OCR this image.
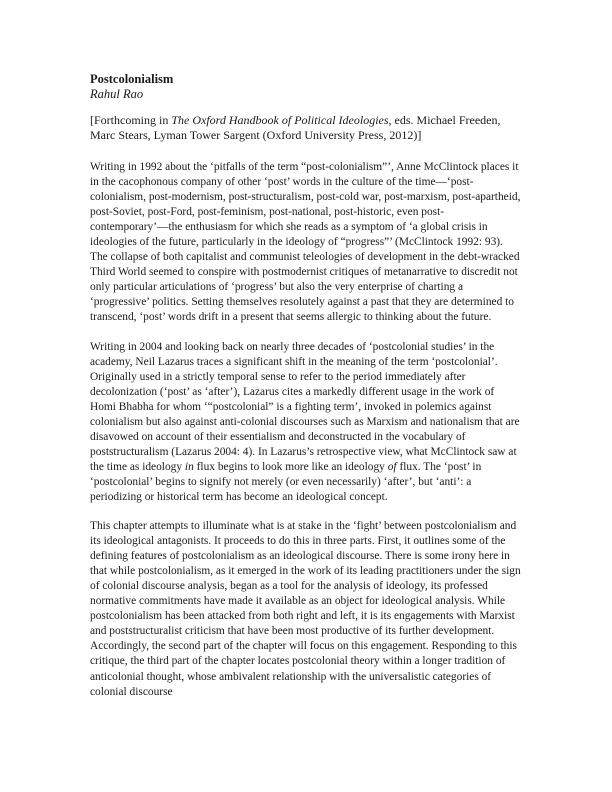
Postcolonialism

Rahul Rao

[Forthcoming in The Oxford Handbook of Political Ideologies, eds. Michael Freeden, Marc Stears, Lyman Tower Sargent (Oxford University Press, 2012)]

Writing in 1992 about the ‘pitfalls of the term “post-colonialism”’, Anne McClintock places it in the cacophonous company of other ‘post’ words in the culture of the time—‘post-colonialism, post-modernism, post-structuralism, post-cold war, post-marxism, post-apartheid, post-Soviet, post-Ford, post-feminism, post-national, post-historic, even post-contemporary’—the enthusiasm for which she reads as a symptom of ‘a global crisis in ideologies of the future, particularly in the ideology of “progress”’ (McClintock 1992: 93). The collapse of both capitalist and communist teleologies of development in the debt-wracked Third World seemed to conspire with postmodernist critiques of metanarrative to discredit not only particular articulations of ‘progress’ but also the very enterprise of charting a ‘progressive’ politics. Setting themselves resolutely against a past that they are determined to transcend, ‘post’ words drift in a present that seems allergic to thinking about the future.

Writing in 2004 and looking back on nearly three decades of ‘postcolonial studies’ in the academy, Neil Lazarus traces a significant shift in the meaning of the term ‘postcolonial’. Originally used in a strictly temporal sense to refer to the period immediately after decolonization (‘post’ as ‘after’), Lazarus cites a markedly different usage in the work of Homi Bhabha for whom ‘“postcolonial” is a fighting term’, invoked in polemics against colonialism but also against anti-colonial discourses such as Marxism and nationalism that are disavowed on account of their essentialism and deconstructed in the vocabulary of poststructuralism (Lazarus 2004: 4). In Lazarus’s retrospective view, what McClintock saw at the time as ideology in flux begins to look more like an ideology of flux. The ‘post’ in ‘postcolonial’ begins to signify not merely (or even necessarily) ‘after’, but ‘anti’: a periodizing or historical term has become an ideological concept.

This chapter attempts to illuminate what is at stake in the ‘fight’ between postcolonialism and its ideological antagonists. It proceeds to do this in three parts. First, it outlines some of the defining features of postcolonialism as an ideological discourse. There is some irony here in that while postcolonialism, as it emerged in the work of its leading practitioners under the sign of colonial discourse analysis, began as a tool for the analysis of ideology, its professed normative commitments have made it available as an object for ideological analysis. While postcolonialism has been attacked from both right and left, it is its engagements with Marxist and poststructuralist criticism that have been most productive of its further development. Accordingly, the second part of the chapter will focus on this engagement. Responding to this critique, the third part of the chapter locates postcolonial theory within a longer tradition of anticolonial thought, whose ambivalent relationship with the universalistic categories of colonial discourse
